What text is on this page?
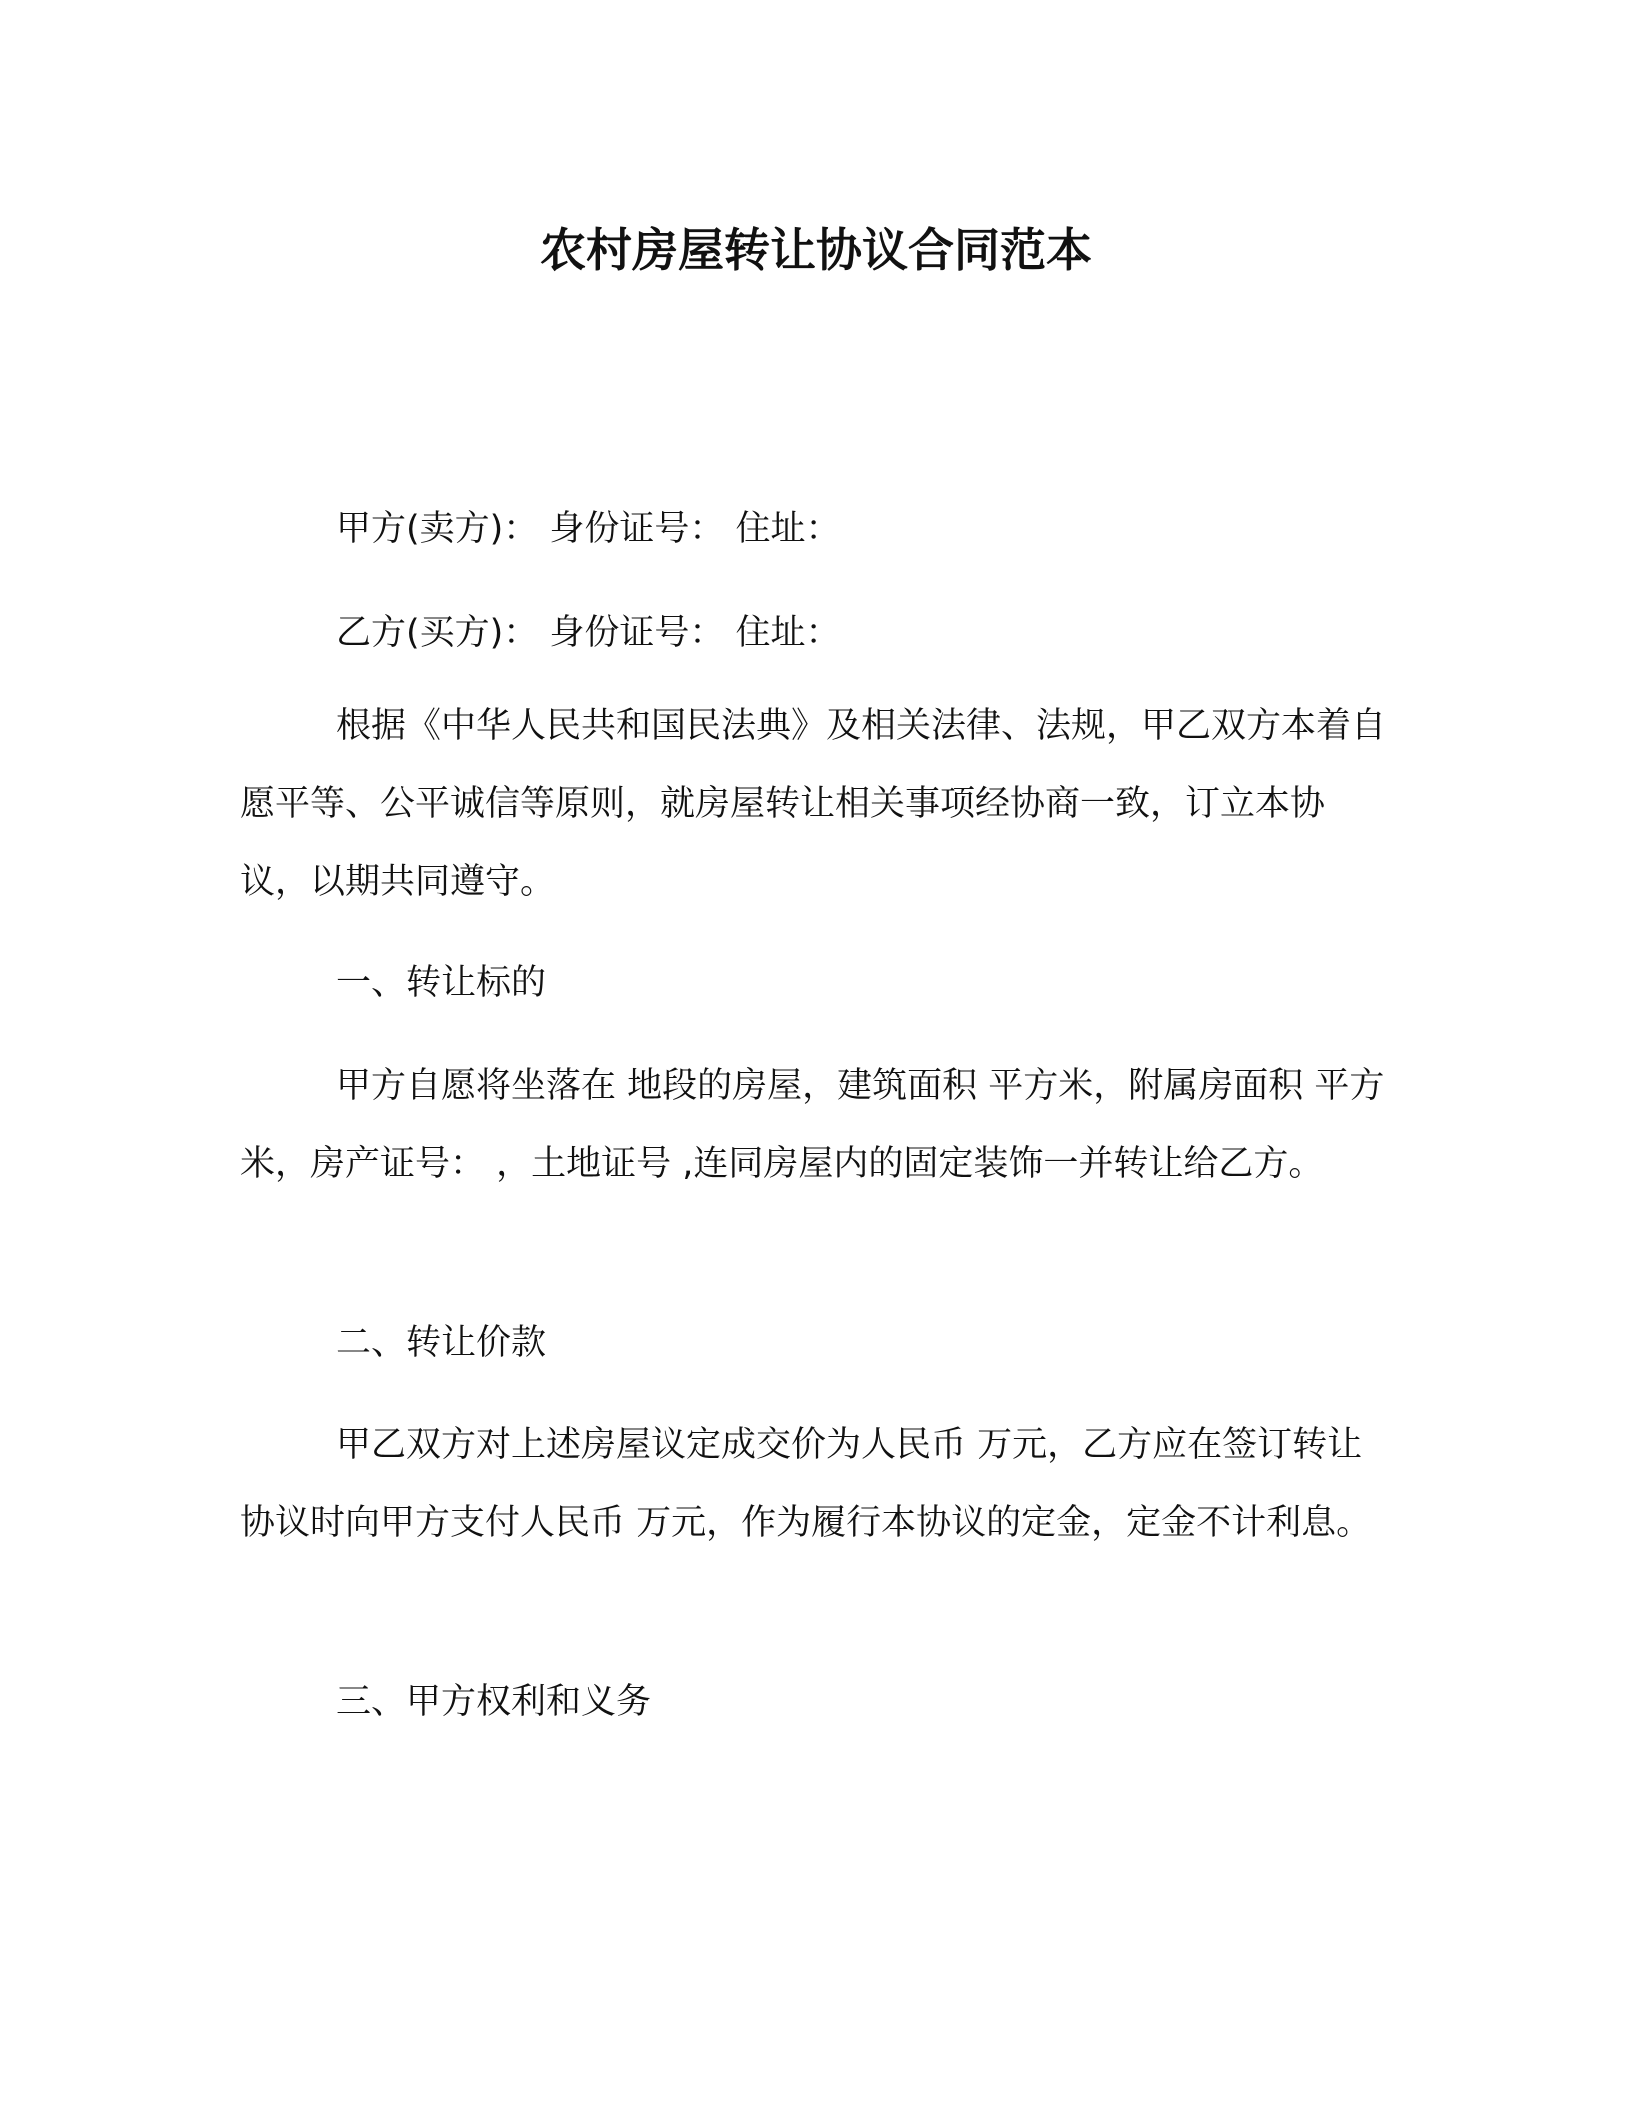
农村房屋转让协议合同范本

甲方(卖方)： 身份证号： 住址：

乙方(买方)： 身份证号： 住址：

根据《中华人民共和国民法典》及相关法律、法规，甲乙双方本着自愿平等、公平诚信等原则，就房屋转让相关事项经协商一致，订立本协议，以期共同遵守。

一、转让标的

甲方自愿将坐落在 地段的房屋，建筑面积 平方米，附属房面积 平方米，房产证号： ，土地证号 ,连同房屋内的固定装饰一并转让给乙方。

二、转让价款

甲乙双方对上述房屋议定成交价为人民币 万元，乙方应在签订转让协议时向甲方支付人民币 万元，作为履行本协议的定金，定金不计利息。

三、甲方权利和义务
